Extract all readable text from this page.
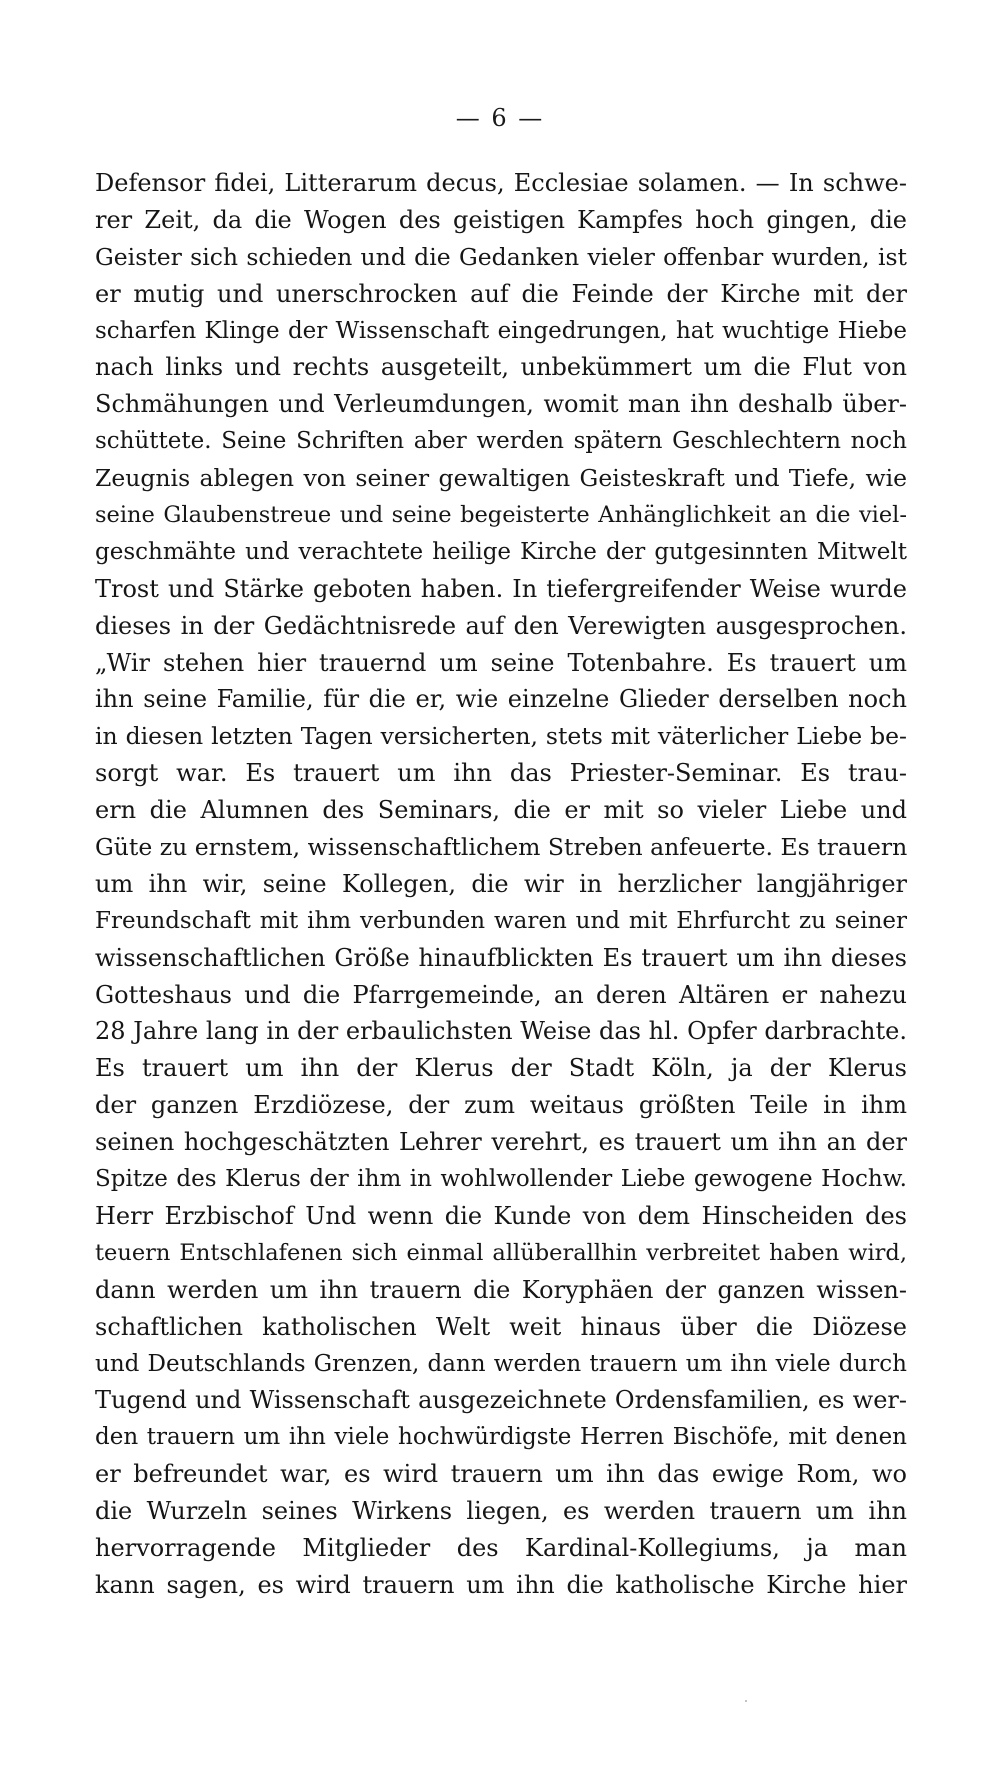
— 6 —
Defensor fidei, Litterarum decus, Ecclesiae solamen. — In schwe-
rer Zeit, da die Wogen des geistigen Kampfes hoch gingen, die
Geister sich schieden und die Gedanken vieler offenbar wurden, ist
er mutig und unerschrocken auf die Feinde der Kirche mit der
scharfen Klinge der Wissenschaft eingedrungen, hat wuchtige Hiebe
nach links und rechts ausgeteilt, unbekümmert um die Flut von
Schmähungen und Verleumdungen, womit man ihn deshalb über-
schüttete. Seine Schriften aber werden spätern Geschlechtern noch
Zeugnis ablegen von seiner gewaltigen Geisteskraft und Tiefe, wie
seine Glaubenstreue und seine begeisterte Anhänglichkeit an die viel-
geschmähte und verachtete heilige Kirche der gutgesinnten Mitwelt
Trost und Stärke geboten haben. In tiefergreifender Weise wurde
dieses in der Gedächtnisrede auf den Verewigten ausgesprochen.
„Wir stehen hier trauernd um seine Totenbahre. Es trauert um
ihn seine Familie, für die er, wie einzelne Glieder derselben noch
in diesen letzten Tagen versicherten, stets mit väterlicher Liebe be-
sorgt war. Es trauert um ihn das Priester-Seminar. Es trau-
ern die Alumnen des Seminars, die er mit so vieler Liebe und
Güte zu ernstem, wissenschaftlichem Streben anfeuerte. Es trauern
um ihn wir, seine Kollegen, die wir in herzlicher langjähriger
Freundschaft mit ihm verbunden waren und mit Ehrfurcht zu seiner
wissenschaftlichen Größe hinaufblickten Es trauert um ihn dieses
Gotteshaus und die Pfarrgemeinde, an deren Altären er nahezu
28 Jahre lang in der erbaulichsten Weise das hl. Opfer darbrachte.
Es trauert um ihn der Klerus der Stadt Köln, ja der Klerus
der ganzen Erzdiözese, der zum weitaus größten Teile in ihm
seinen hochgeschätzten Lehrer verehrt, es trauert um ihn an der
Spitze des Klerus der ihm in wohlwollender Liebe gewogene Hochw.
Herr Erzbischof Und wenn die Kunde von dem Hinscheiden des
teuern Entschlafenen sich einmal allüberallhin verbreitet haben wird,
dann werden um ihn trauern die Koryphäen der ganzen wissen-
schaftlichen katholischen Welt weit hinaus über die Diözese
und Deutschlands Grenzen, dann werden trauern um ihn viele durch
Tugend und Wissenschaft ausgezeichnete Ordensfamilien, es wer-
den trauern um ihn viele hochwürdigste Herren Bischöfe, mit denen
er befreundet war, es wird trauern um ihn das ewige Rom, wo
die Wurzeln seines Wirkens liegen, es werden trauern um ihn
hervorragende Mitglieder des Kardinal-Kollegiums, ja man
kann sagen, es wird trauern um ihn die katholische Kirche hier
